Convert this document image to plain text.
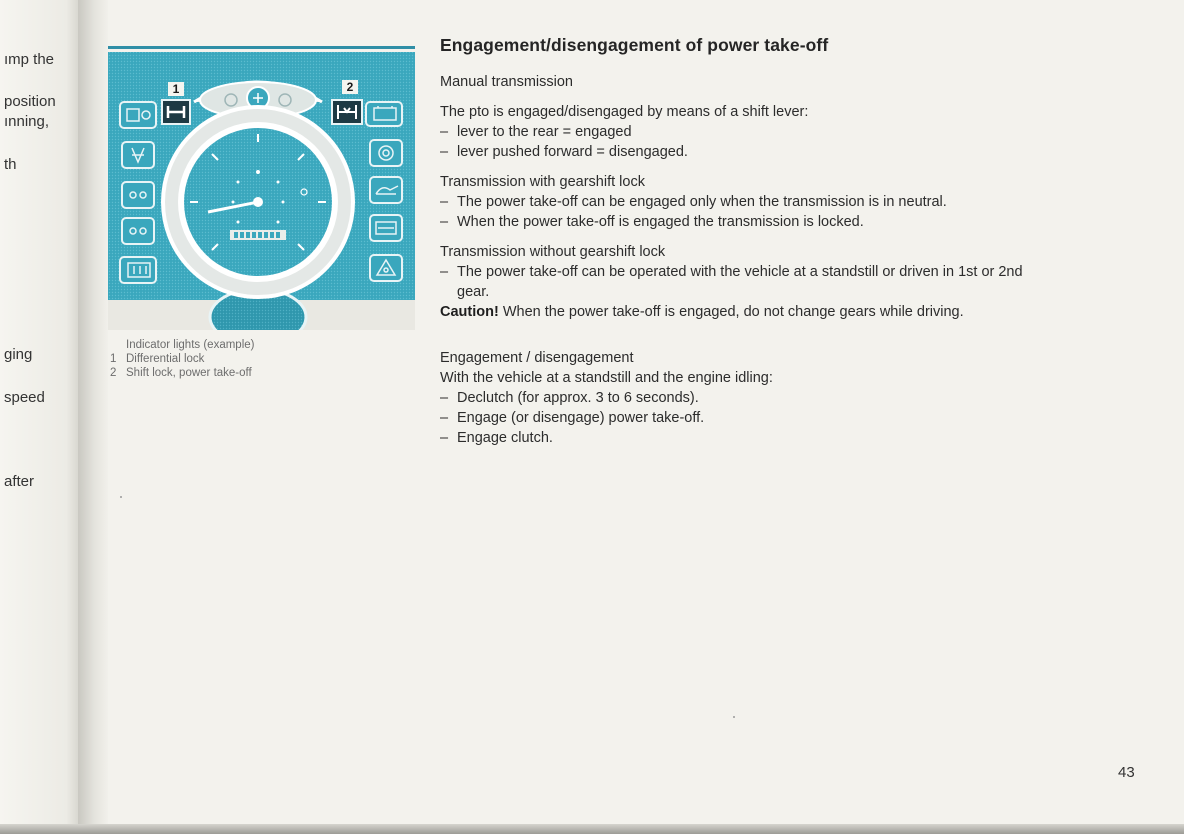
ımp the
position
ınning,
th
ging
speed
after
1	2
Indicator lights (example)
1 Differential lock
2 Shift lock, power take-off
Engagement/disengagement of power take-off

Manual transmission

The pto is engaged/disengaged by means of a shift lever:

– lever to the rear = engaged
– lever pushed forward = disengaged.

Transmission with gearshift lock

– The power take-off can be engaged only when the transmission is in neutral.
– When the power take-off is engaged the transmission is locked.

Transmission without gearshift lock

– The power take-off can be operated with the vehicle at a standstill or driven in 1st or 2nd gear.

Caution! When the power take-off is engaged, do not change gears while driving.

Engagement / disengagement

With the vehicle at a standstill and the engine idling:

– Declutch (for approx. 3 to 6 seconds).
– Engage (or disengage) power take-off.
– Engage clutch.
43
